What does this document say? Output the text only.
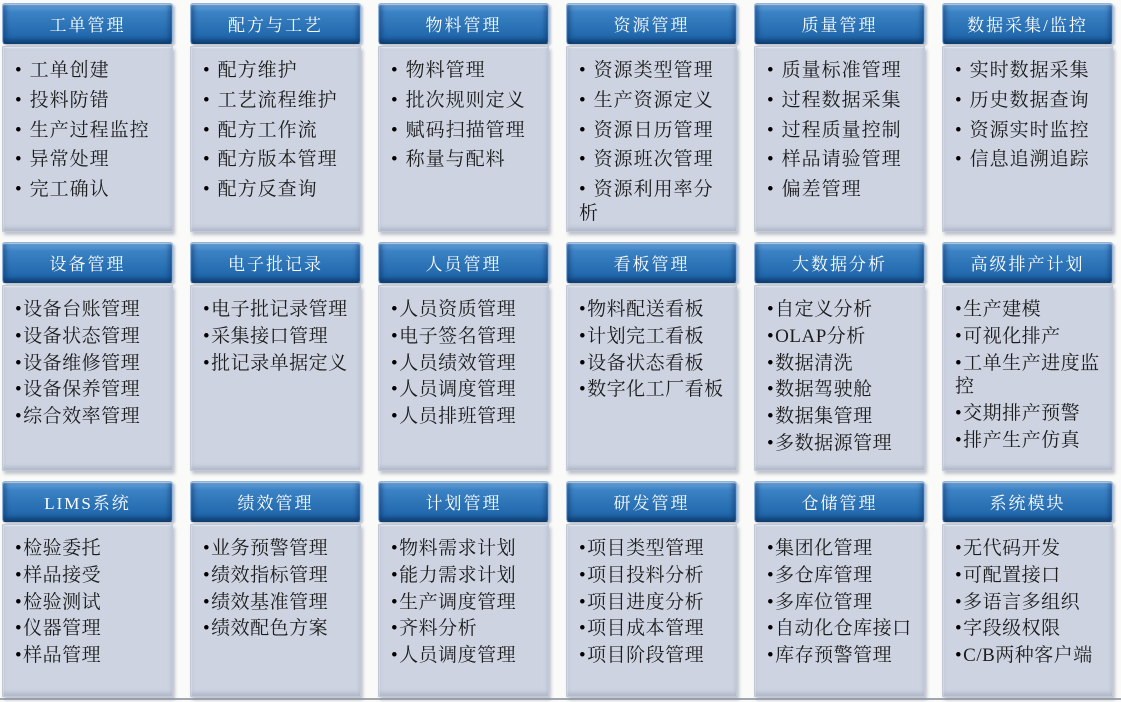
工单管理
• 工单创建
• 投料防错
• 生产过程监控
• 异常处理
• 完工确认
配方与工艺
• 配方维护
• 工艺流程维护
• 配方工作流
• 配方版本管理
• 配方反查询
物料管理
• 物料管理
• 批次规则定义
• 赋码扫描管理
• 称量与配料
资源管理
• 资源类型管理
• 生产资源定义
• 资源日历管理
• 资源班次管理
• 资源利用率分析
质量管理
• 质量标准管理
• 过程数据采集
• 过程质量控制
• 样品请验管理
• 偏差管理
数据采集/监控
• 实时数据采集
• 历史数据查询
• 资源实时监控
• 信息追溯追踪
设备管理
•设备台账管理
•设备状态管理
•设备维修管理
•设备保养管理
•综合效率管理
电子批记录
•电子批记录管理
•采集接口管理
•批记录单据定义
人员管理
•人员资质管理
•电子签名管理
•人员绩效管理
•人员调度管理
•人员排班管理
看板管理
•物料配送看板
•计划完工看板
•设备状态看板
•数字化工厂看板
大数据分析
•自定义分析
•OLAP分析
•数据清洗
•数据驾驶舱
•数据集管理
•多数据源管理
高级排产计划
•生产建模
•可视化排产
•工单生产进度监控
•交期排产预警
•排产生产仿真
LIMS系统
•检验委托
•样品接受
•检验测试
•仪器管理
•样品管理
绩效管理
•业务预警管理
•绩效指标管理
•绩效基准管理
•绩效配色方案
计划管理
•物料需求计划
•能力需求计划
•生产调度管理
•齐料分析
•人员调度管理
研发管理
•项目类型管理
•项目投料分析
•项目进度分析
•项目成本管理
•项目阶段管理
仓储管理
•集团化管理
•多仓库管理
•多库位管理
•自动化仓库接口
•库存预警管理
系统模块
•无代码开发
•可配置接口
•多语言多组织
•字段级权限
•C/B两种客户端
